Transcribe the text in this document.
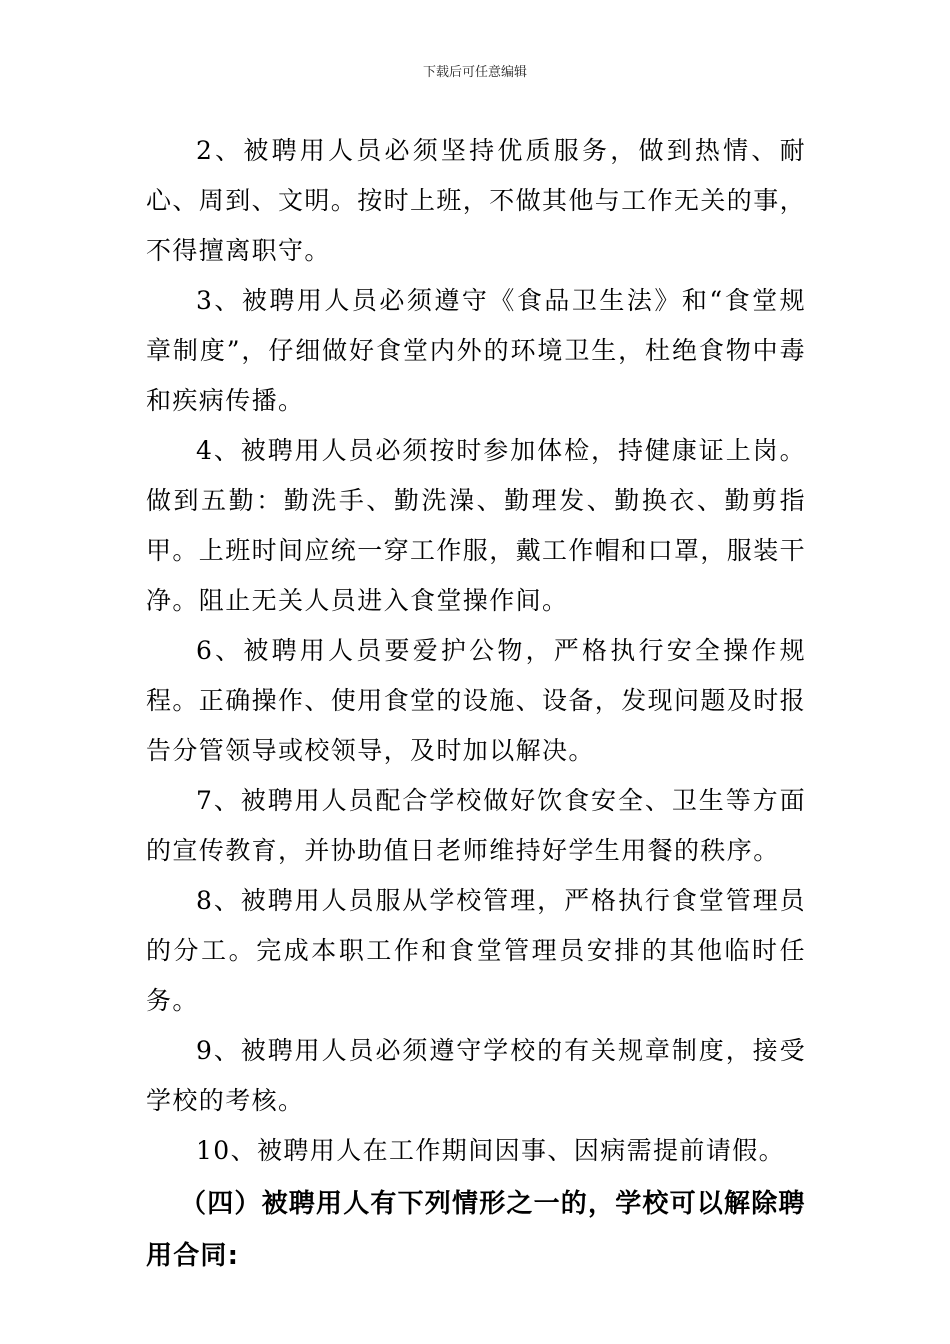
下载后可任意编辑

2、被聘用人员必须坚持优质服务，做到热情、耐心、周到、文明。按时上班，不做其他与工作无关的事，不得擅离职守。

3、被聘用人员必须遵守《食品卫生法》和“食堂规章制度”，仔细做好食堂内外的环境卫生，杜绝食物中毒和疾病传播。

4、被聘用人员必须按时参加体检，持健康证上岗。做到五勤：勤洗手、勤洗澡、勤理发、勤换衣、勤剪指甲。上班时间应统一穿工作服，戴工作帽和口罩，服装干净。阻止无关人员进入食堂操作间。

6、被聘用人员要爱护公物，严格执行安全操作规程。正确操作、使用食堂的设施、设备，发现问题及时报告分管领导或校领导，及时加以解决。

7、被聘用人员配合学校做好饮食安全、卫生等方面的宣传教育，并协助值日老师维持好学生用餐的秩序。

8、被聘用人员服从学校管理，严格执行食堂管理员的分工。完成本职工作和食堂管理员安排的其他临时任务。

9、被聘用人员必须遵守学校的有关规章制度，接受学校的考核。

10、被聘用人在工作期间因事、因病需提前请假。

（四）被聘用人有下列情形之一的，学校可以解除聘用合同:
